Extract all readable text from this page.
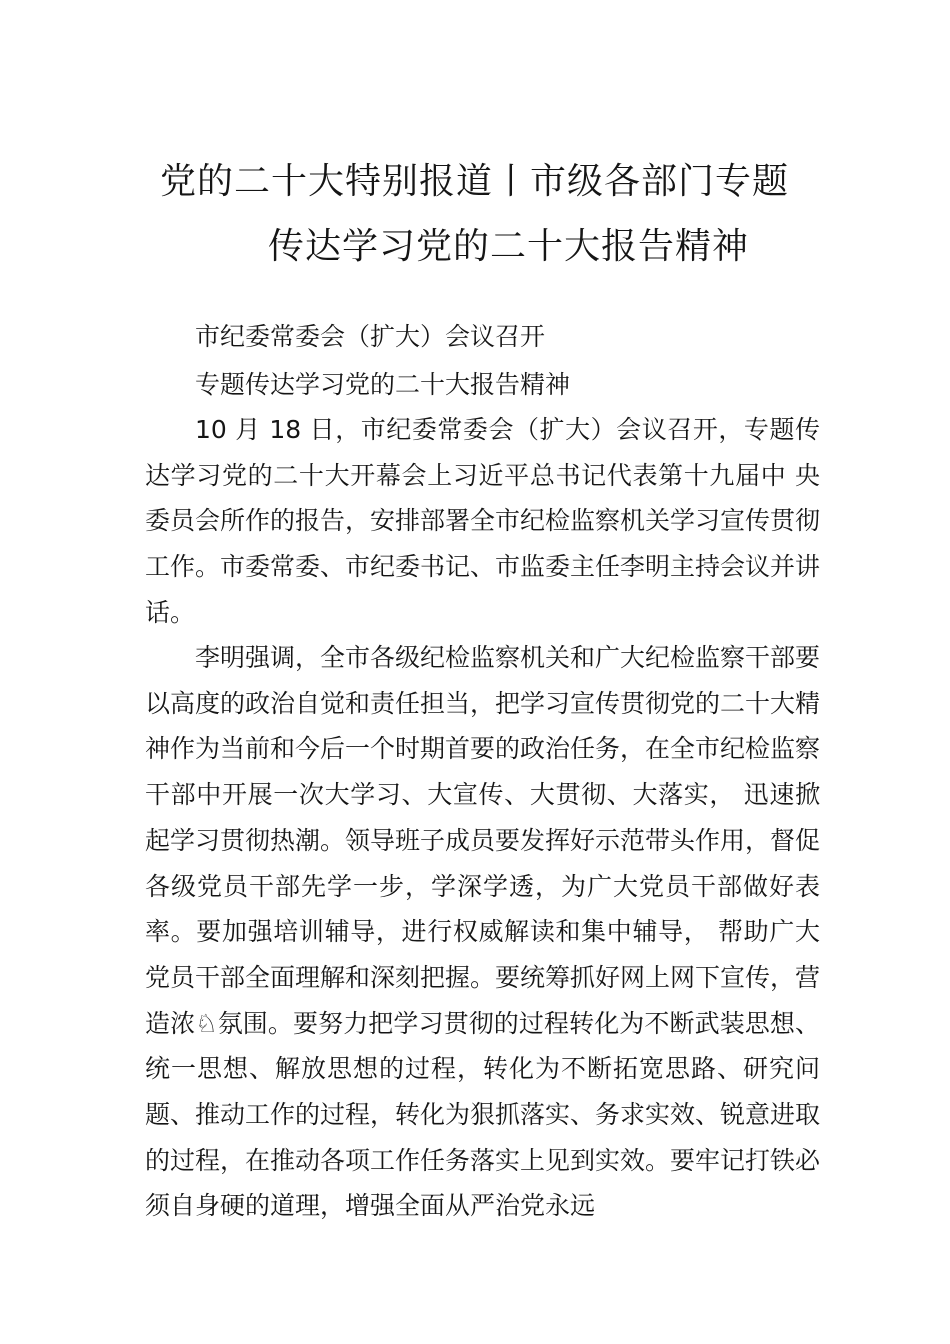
党的二十大特别报道丨市级各部门专题
传达学习党的二十大报告精神
市纪委常委会（扩大）会议召开
专题传达学习党的二十大报告精神

10 月 18 日，市纪委常委会（扩大）会议召开，专题传达学习党的二十大开幕会上习近平总书记代表第十九届中 央委员会所作的报告，安排部署全市纪检监察机关学习宣传贯彻工作。市委常委、市纪委书记、市监委主任李明主持会议并讲话。

李明强调，全市各级纪检监察机关和广大纪检监察干部要以高度的政治自觉和责任担当，把学习宣传贯彻党的二十大精神作为当前和今后一个时期首要的政治任务，在全市纪检监察干部中开展一次大学习、大宣传、大贯彻、大落实， 迅速掀起学习贯彻热潮。领导班子成员要发挥好示范带头作用，督促各级党员干部先学一步，学深学透，为广大党员干部做好表率。要加强培训辅导，进行权威解读和集中辅导， 帮助广大党员干部全面理解和深刻把握。要统筹抓好网上网下宣传，营造浓♘氛围。要努力把学习贯彻的过程转化为不断武装思想、统一思想、解放思想的过程，转化为不断拓宽思路、研究问题、推动工作的过程，转化为狠抓落实、务求实效、锐意进取的过程，在推动各项工作任务落实上见到实效。要牢记打铁必须自身硬的道理，增强全面从严治党永远
